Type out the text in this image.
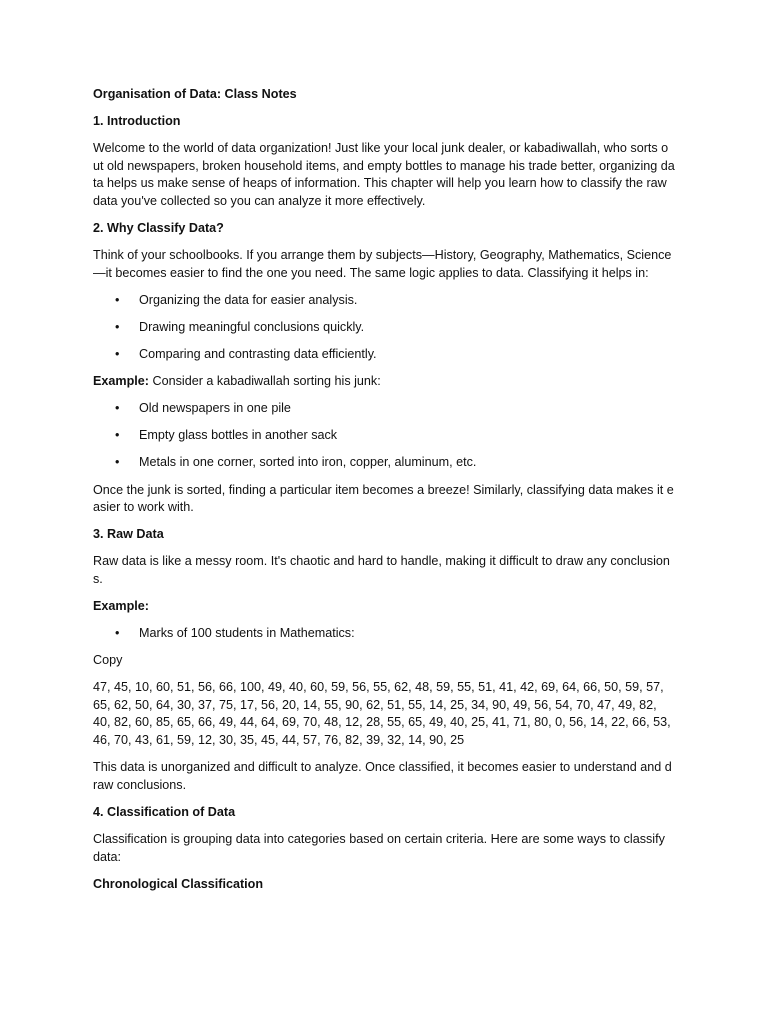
Organisation of Data: Class Notes

1. Introduction

Welcome to the world of data organization! Just like your local junk dealer, or kabadiwallah, who sorts out old newspapers, broken household items, and empty bottles to manage his trade better, organizing data helps us make sense of heaps of information. This chapter will help you learn how to classify the raw data you've collected so you can analyze it more effectively.

2. Why Classify Data?

Think of your schoolbooks. If you arrange them by subjects—History, Geography, Mathematics, Science—it becomes easier to find the one you need. The same logic applies to data. Classifying it helps in:

• Organizing the data for easier analysis.
• Drawing meaningful conclusions quickly.
• Comparing and contrasting data efficiently.

Example: Consider a kabadiwallah sorting his junk:

• Old newspapers in one pile
• Empty glass bottles in another sack
• Metals in one corner, sorted into iron, copper, aluminum, etc.

Once the junk is sorted, finding a particular item becomes a breeze! Similarly, classifying data makes it easier to work with.

3. Raw Data

Raw data is like a messy room. It's chaotic and hard to handle, making it difficult to draw any conclusions.

Example:

• Marks of 100 students in Mathematics:

Copy

47, 45, 10, 60, 51, 56, 66, 100, 49, 40, 60, 59, 56, 55, 62, 48, 59, 55, 51, 41, 42, 69, 64, 66, 50, 59, 57, 65, 62, 50, 64, 30, 37, 75, 17, 56, 20, 14, 55, 90, 62, 51, 55, 14, 25, 34, 90, 49, 56, 54, 70, 47, 49, 82, 40, 82, 60, 85, 65, 66, 49, 44, 64, 69, 70, 48, 12, 28, 55, 65, 49, 40, 25, 41, 71, 80, 0, 56, 14, 22, 66, 53, 46, 70, 43, 61, 59, 12, 30, 35, 45, 44, 57, 76, 82, 39, 32, 14, 90, 25

This data is unorganized and difficult to analyze. Once classified, it becomes easier to understand and draw conclusions.

4. Classification of Data

Classification is grouping data into categories based on certain criteria. Here are some ways to classify data:

Chronological Classification
